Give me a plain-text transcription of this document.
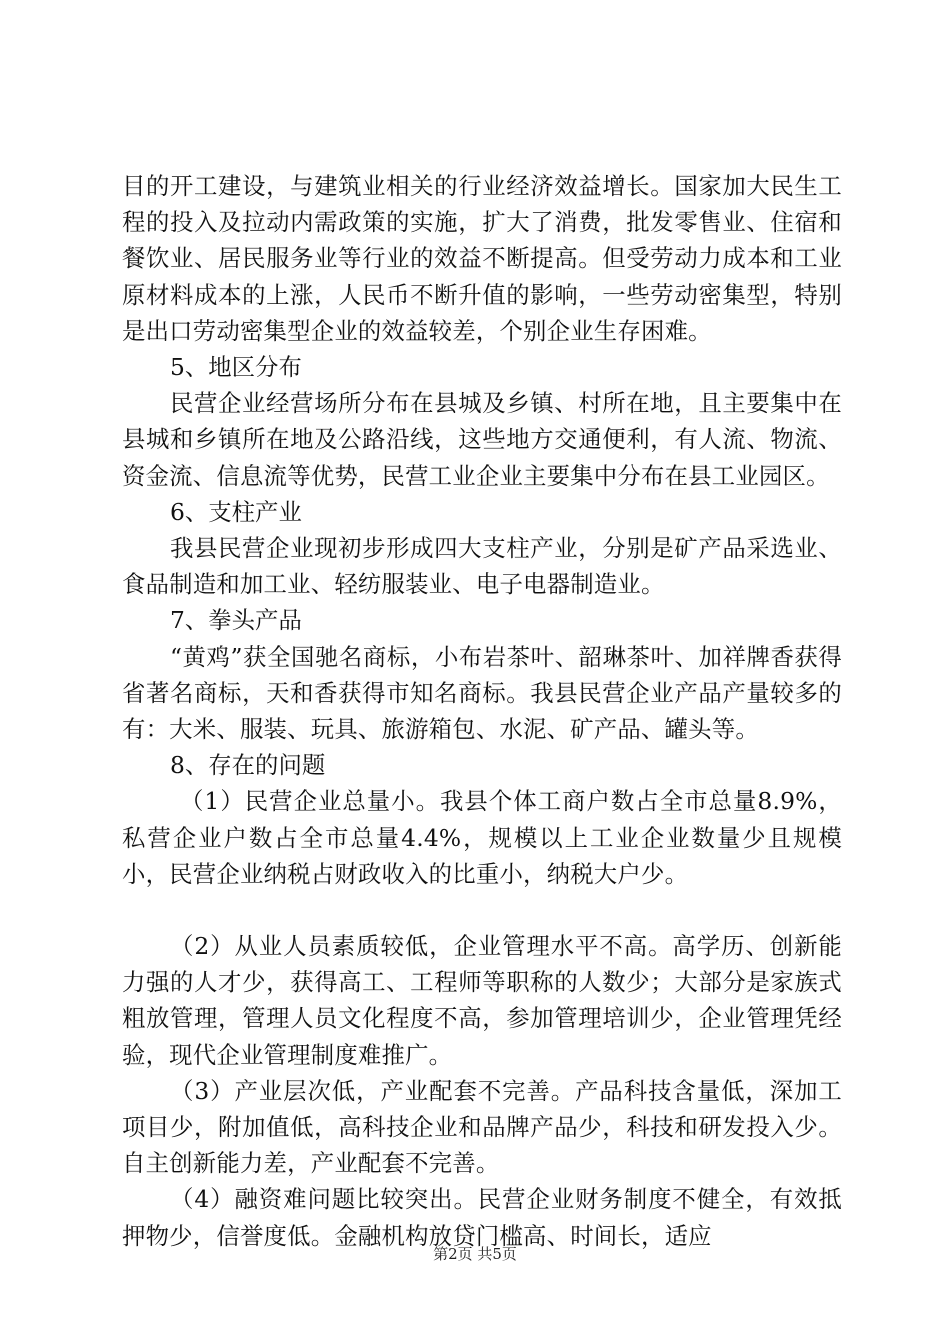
目的开工建设，与建筑业相关的行业经济效益增长。国家加大民生工程的投入及拉动内需政策的实施，扩大了消费，批发零售业、住宿和餐饮业、居民服务业等行业的效益不断提高。但受劳动力成本和工业原材料成本的上涨，人民币不断升值的影响，一些劳动密集型，特别是出口劳动密集型企业的效益较差，个别企业生存困难。

5、地区分布

民营企业经营场所分布在县城及乡镇、村所在地，且主要集中在县城和乡镇所在地及公路沿线，这些地方交通便利，有人流、物流、资金流、信息流等优势，民营工业企业主要集中分布在县工业园区。

6、支柱产业

我县民营企业现初步形成四大支柱产业，分别是矿产品采选业、食品制造和加工业、轻纺服装业、电子电器制造业。

7、拳头产品

“黄鸡”获全国驰名商标，小布岩茶叶、韶琳茶叶、加祥牌香获得省著名商标，天和香获得市知名商标。我县民营企业产品产量较多的有：大米、服装、玩具、旅游箱包、水泥、矿产品、罐头等。

8、存在的问题

（1）民营企业总量小。我县个体工商户数占全市总量8.9%，私营企业户数占全市总量4.4%，规模以上工业企业数量少且规模小，民营企业纳税占财政收入的比重小，纳税大户少。

（2）从业人员素质较低，企业管理水平不高。高学历、创新能力强的人才少，获得高工、工程师等职称的人数少；大部分是家族式粗放管理，管理人员文化程度不高，参加管理培训少，企业管理凭经验，现代企业管理制度难推广。

（3）产业层次低，产业配套不完善。产品科技含量低，深加工项目少，附加值低，高科技企业和品牌产品少，科技和研发投入少。自主创新能力差，产业配套不完善。

（4）融资难问题比较突出。民营企业财务制度不健全，有效抵押物少，信誉度低。金融机构放贷门槛高、时间长，适应

第2页 共5页
